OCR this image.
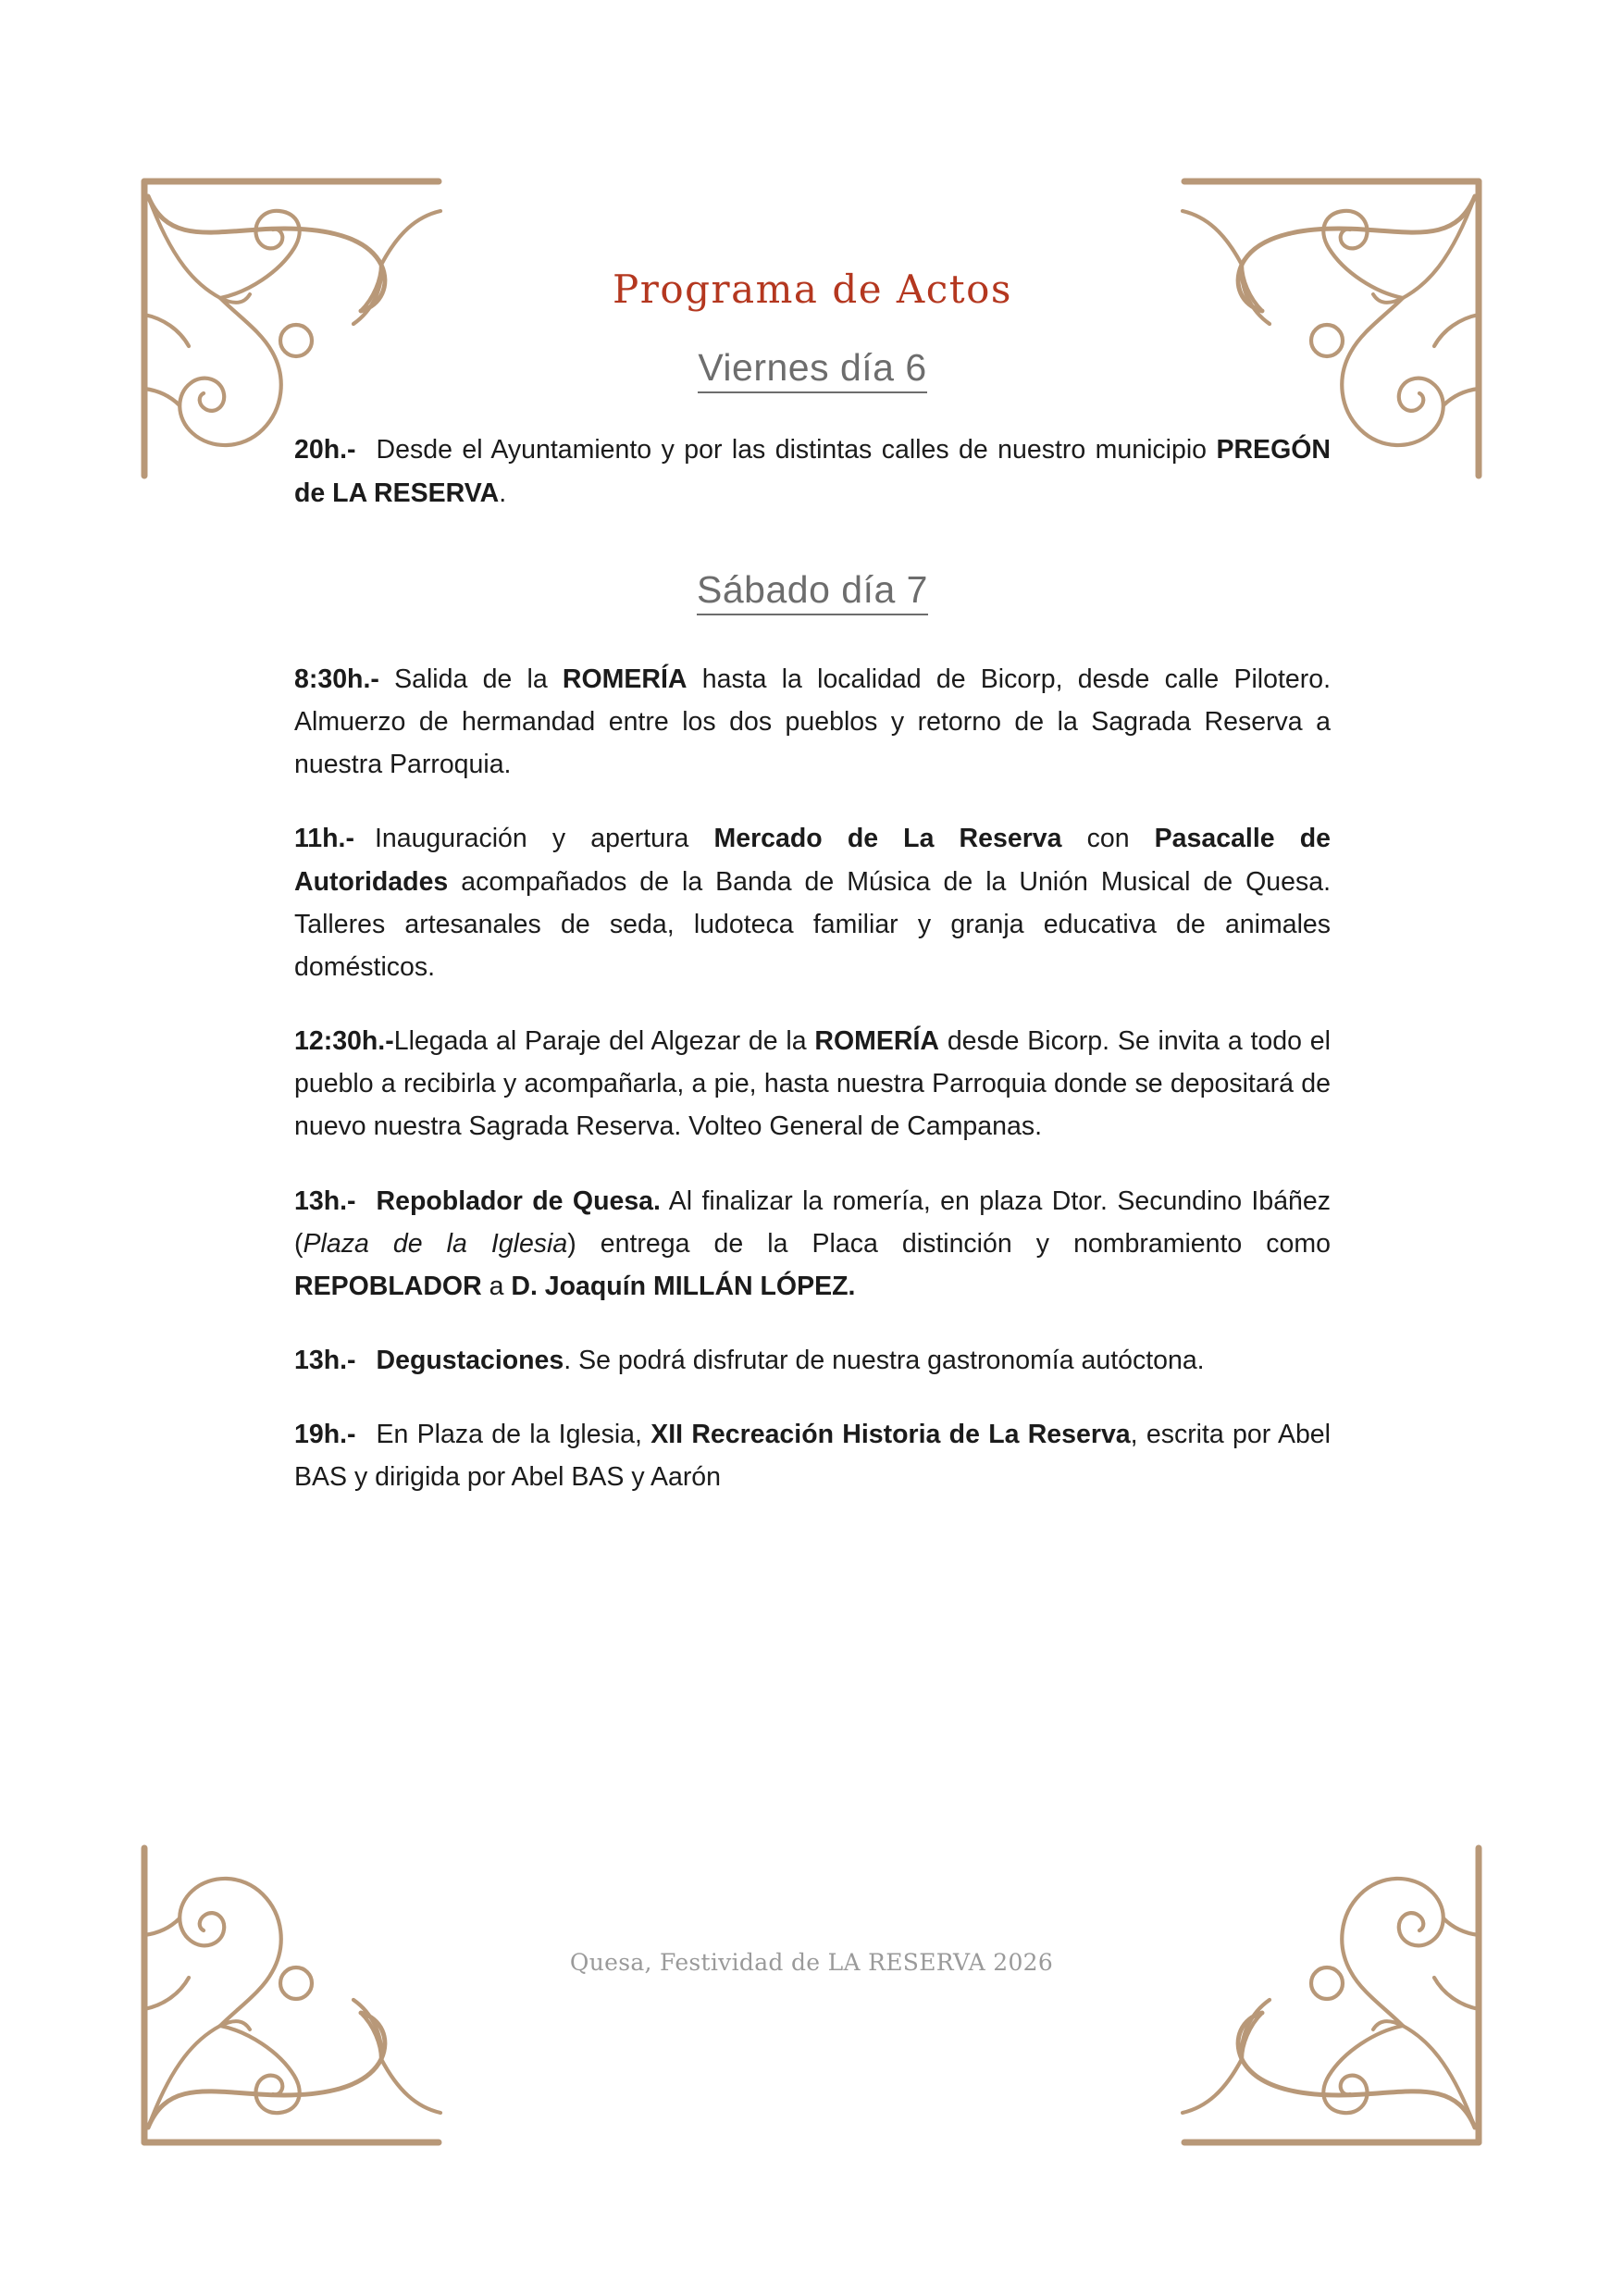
Programa de Actos
Viernes día 6

20h.- Desde el Ayuntamiento y por las distintas calles de nuestro municipio PREGÓN de LA RESERVA.

Sábado día 7

8:30h.- Salida de la ROMERÍA hasta la localidad de Bicorp, desde calle Pilotero. Almuerzo de hermandad entre los dos pueblos y retorno de la Sagrada Reserva a nuestra Parroquia.

11h.- Inauguración y apertura Mercado de La Reserva con Pasacalle de Autoridades acompañados de la Banda de Música de la Unión Musical de Quesa. Talleres artesanales de seda, ludoteca familiar y granja educativa de animales domésticos.

12:30h.-Llegada al Paraje del Algezar de la ROMERÍA desde Bicorp. Se invita a todo el pueblo a recibirla y acompañarla, a pie, hasta nuestra Parroquia donde se depositará de nuevo nuestra Sagrada Reserva. Volteo General de Campanas.

13h.- Repoblador de Quesa. Al finalizar la romería, en plaza Dtor. Secundino Ibáñez (Plaza de la Iglesia) entrega de la Placa distinción y nombramiento como REPOBLADOR a D. Joaquín MILLÁN LÓPEZ.

13h.- Degustaciones. Se podrá disfrutar de nuestra gastronomía autóctona.

19h.- En Plaza de la Iglesia, XII Recreación Historia de La Reserva, escrita por Abel BAS y dirigida por Abel BAS y Aarón

Quesa, Festividad de LA RESERVA 2026
